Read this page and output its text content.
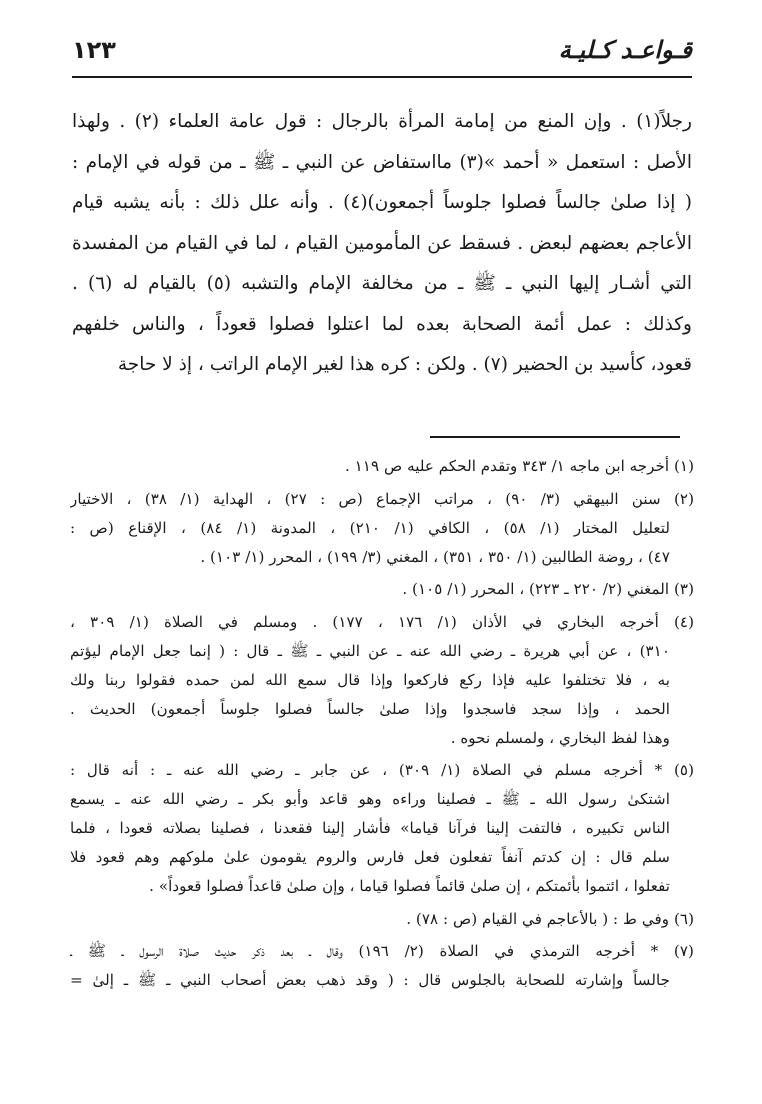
قـواعـد كـليـة
١٢٣
رجلاً(١) . وإن المنع من إمامة المرأة بالرجال : قول عامة العلماء (٢) . ولهذا
الأصل : استعمل « أحمد »(٣) مااستفاض عن النبي ـ ﷺ ـ من قوله في الإمام :
( إذا صلىٰ جالساً فصلوا جلوساً أجمعون)(٤) . وأنه علل ذلك : بأنه يشبه قيام
الأعاجم بعضهم لبعض . فسقط عن المأمومين القيام ، لما في القيام من المفسدة
التي أشـار إليها النبي ـ ﷺ ـ من مخالفة الإمام والتشبه (٥) بالقيام له (٦) .
وكذلك : عمل أئمة الصحابة بعده لما اعتلوا فصلوا قعوداً ، والناس خلفهم
قعود، كأسيد بن الحضير (٧) . ولكن : كره هذا لغير الإمام الراتب ، إذ لا حاجة
(١) أخرجه ابن ماجه ١/ ٣٤٣ وتقدم الحكم عليه ص ١١٩ .
(٢) سنن البيهقي (٣/ ٩٠) ، مراتب الإجماع (ص : ٢٧) ، الهداية (١/ ٣٨) ، الاختيار
لتعليل المختار (١/ ٥٨) ، الكافي (١/ ٢١٠) ، المدونة (١/ ٨٤) ، الإقناع (ص :
٤٧) ، روضة الطالبين (١/ ٣٥٠ ، ٣٥١) ، المغني (٣/ ١٩٩) ، المحرر (١/ ١٠٣) .
(٣) المغني (٢/ ٢٢٠ ـ ٢٢٣) ، المحرر (١/ ١٠٥) .
(٤) أخرجه البخاري في الأذان (١/ ١٧٦ ، ١٧٧) . ومسلم في الصلاة (١/ ٣٠٩ ،
٣١٠) ، عن أبي هريرة ـ رضي الله عنه ـ عن النبي ـ ﷺ ـ قال : ( إنما جعل الإمام ليؤتم
به ، فلا تختلفوا عليه فإذا ركع فاركعوا وإذا قال سمع الله لمن حمده فقولوا ربنا ولك
الحمد ، وإذا سجد فاسجدوا وإذا صلىٰ جالساً فصلوا جلوساً أجمعون) الحديث .
وهذا لفظ البخاري ، ولمسلم نحوه .
(٥) * أخرجه مسلم في الصلاة (١/ ٣٠٩) ، عن جابر ـ رضي الله عنه ـ : أنه قال :
اشتكىٰ رسول الله ـ ﷺ ـ فصلينا وراءه وهو قاعد وأبو بكر ـ رضي الله عنه ـ يسمع
الناس تكبيره ، فالتفت إلينا فرآنا قياما» فأشار إلينا فقعدنا ، فصلينا بصلاته قعودا ، فلما
سلم قال : إن كدتم آنفاً تفعلون فعل فارس والروم يقومون علىٰ ملوكهم وهم قعود فلا
تفعلوا ، ائتموا بأئمتكم ، إن صلىٰ قائماً فصلوا قياما ، وإن صلىٰ قاعداً فصلوا قعوداً» .
(٦) وفي ط : ( بالأعاجم في القيام (ص : ٧٨) .
(٧) * أخرجه الترمذي في الصلاة (٢/ ١٩٦) وقال ـ بعد ذكر حديث صلاة الرسول ـ ﷺ ـ
جالساً وإشارته للصحابة بالجلوس قال : ( وقد ذهب بعض أصحاب النبي ـ ﷺ ـ إلىٰ =
